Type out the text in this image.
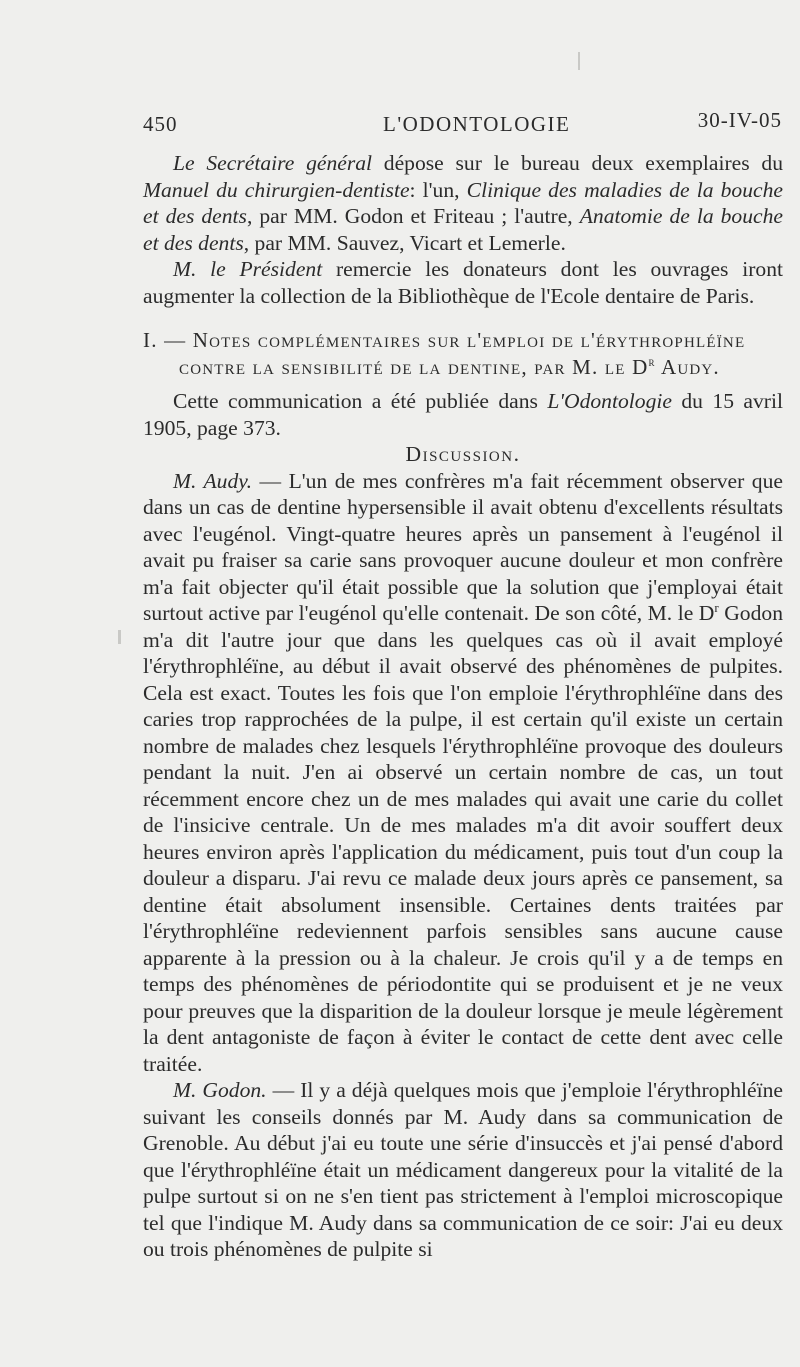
450	L'ODONTOLOGIE	30-IV-05

Le Secrétaire général dépose sur le bureau deux exemplaires du Manuel du chirurgien-dentiste: l'un, Clinique des maladies de la bouche et des dents, par MM. Godon et Friteau ; l'autre, Anatomie de la bouche et des dents, par MM. Sauvez, Vicart et Lemerle.

M. le Président remercie les donateurs dont les ouvrages iront augmenter la collection de la Bibliothèque de l'Ecole dentaire de Paris.

I. — Notes complémentaires sur l'emploi de l'érythrophléïne
contre la sensibilité de la dentine, par M. le $D^r$ Audy.

Cette communication a été publiée dans L'Odontologie du 15 avril 1905, page 373.

Discussion.

M. Audy. — L'un de mes confrères m'a fait récemment observer que dans un cas de dentine hypersensible il avait obtenu d'excellents résultats avec l'eugénol. Vingt-quatre heures après un pansement à l'eugénol il avait pu fraiser sa carie sans provoquer aucune douleur et mon confrère m'a fait objecter qu'il était possible que la solution que j'employai était surtout active par l'eugénol qu'elle contenait. De son côté, M. le $D^r$ Godon m'a dit l'autre jour que dans les quelques cas où il avait employé l'érythrophléïne, au début il avait observé des phénomènes de pulpites. Cela est exact. Toutes les fois que l'on emploie l'érythrophléïne dans des caries trop rapprochées de la pulpe, il est certain qu'il existe un certain nombre de malades chez lesquels l'érythrophléïne provoque des douleurs pendant la nuit. J'en ai observé un certain nombre de cas, un tout récemment encore chez un de mes malades qui avait une carie du collet de l'insicive centrale. Un de mes malades m'a dit avoir souffert deux heures environ après l'application du médicament, puis tout d'un coup la douleur a disparu. J'ai revu ce malade deux jours après ce pansement, sa dentine était absolument insensible. Certaines dents traitées par l'érythrophléïne redeviennent parfois sensibles sans aucune cause apparente à la pression ou à la chaleur. Je crois qu'il y a de temps en temps des phénomènes de périodontite qui se produisent et je ne veux pour preuves que la disparition de la douleur lorsque je meule légèrement la dent antagoniste de façon à éviter le contact de cette dent avec celle traitée.

M. Godon. — Il y a déjà quelques mois que j'emploie l'érythrophléïne suivant les conseils donnés par M. Audy dans sa communication de Grenoble. Au début j'ai eu toute une série d'insuccès et j'ai pensé d'abord que l'érythrophléïne était un médicament dangereux pour la vitalité de la pulpe surtout si on ne s'en tient pas strictement à l'emploi microscopique tel que l'indique M. Audy dans sa communication de ce soir: J'ai eu deux ou trois phénomènes de pulpite si
